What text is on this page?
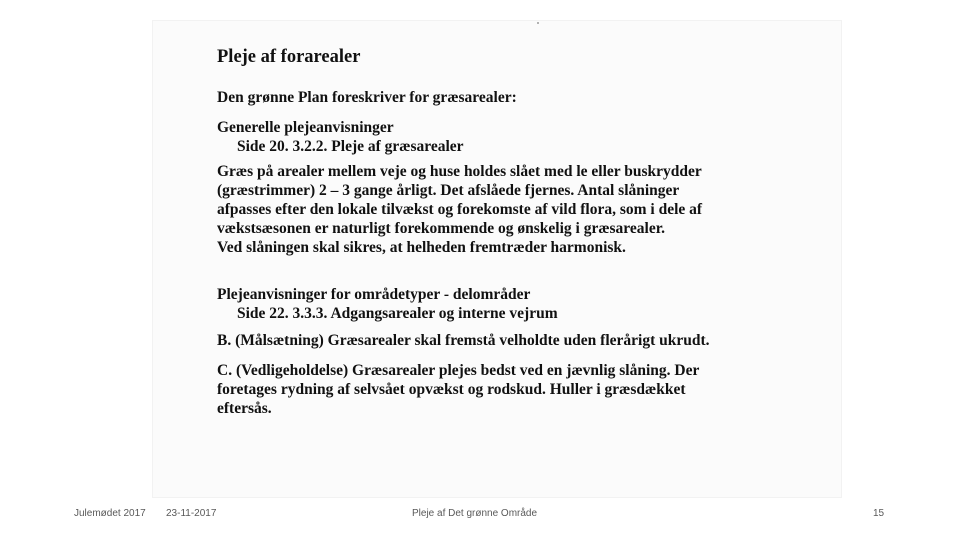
Pleje af forarealer
Den grønne Plan foreskriver for græsarealer:
Generelle plejeanvisninger
Side 20. 3.2.2. Pleje af græsarealer
Græs på arealer mellem veje og huse holdes slået med le eller buskrydder
(græstrimmer) 2 – 3 gange årligt. Det afslåede fjernes. Antal slåninger
afpasses efter den lokale tilvækst og forekomste af vild flora, som i dele af
vækstsæsonen er naturligt forekommende og ønskelig i græsarealer.
Ved slåningen skal sikres, at helheden fremtræder harmonisk.
Plejeanvisninger for områdetyper - delområder
Side 22. 3.3.3. Adgangsarealer og interne vejrum
B. (Målsætning) Græsarealer skal fremstå velholdte uden flerårigt ukrudt.
C. (Vedligeholdelse) Græsarealer plejes bedst ved en jævnlig slåning. Der
foretages rydning af selvsået opvækst og rodskud. Huller i græsdækket
eftersås.
Julemødet 2017 23-11-2017	Pleje af Det grønne Område	15
